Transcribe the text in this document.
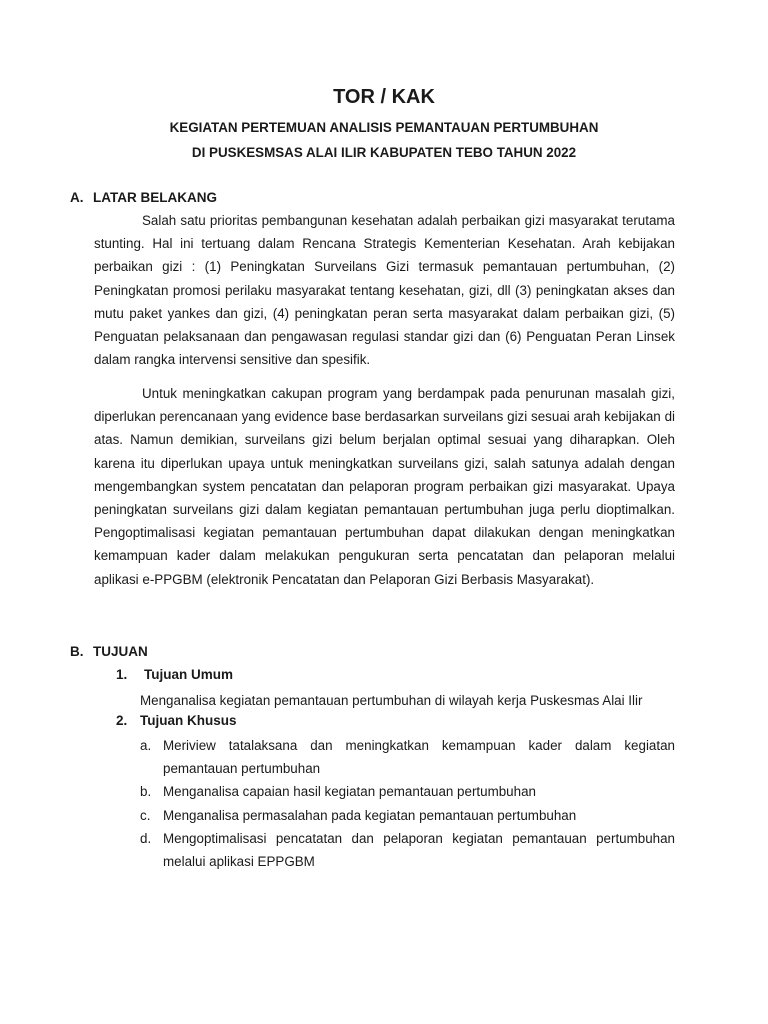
TOR / KAK
KEGIATAN PERTEMUAN ANALISIS PEMANTAUAN PERTUMBUHAN
DI PUSKESMSAS ALAI ILIR KABUPATEN TEBO TAHUN 2022
A. LATAR BELAKANG

Salah satu prioritas pembangunan kesehatan adalah perbaikan gizi masyarakat terutama stunting. Hal ini tertuang dalam Rencana Strategis Kementerian Kesehatan. Arah kebijakan perbaikan gizi : (1) Peningkatan Surveilans Gizi termasuk pemantauan pertumbuhan, (2) Peningkatan promosi perilaku masyarakat tentang kesehatan, gizi, dll (3) peningkatan akses dan mutu paket yankes dan gizi, (4) peningkatan peran serta masyarakat dalam perbaikan gizi, (5) Penguatan pelaksanaan dan pengawasan regulasi standar gizi dan (6) Penguatan Peran Linsek dalam rangka intervensi sensitive dan spesifik.

Untuk meningkatkan cakupan program yang berdampak pada penurunan masalah gizi, diperlukan perencanaan yang evidence base berdasarkan surveilans gizi sesuai arah kebijakan di atas. Namun demikian, surveilans gizi belum berjalan optimal sesuai yang diharapkan. Oleh karena itu diperlukan upaya untuk meningkatkan surveilans gizi, salah satunya adalah dengan mengembangkan system pencatatan dan pelaporan program perbaikan gizi masyarakat. Upaya peningkatan surveilans gizi dalam kegiatan pemantauan pertumbuhan juga perlu dioptimalkan. Pengoptimalisasi kegiatan pemantauan pertumbuhan dapat dilakukan dengan meningkatkan kemampuan kader dalam melakukan pengukuran serta pencatatan dan pelaporan melalui aplikasi e-PPGBM (elektronik Pencatatan dan Pelaporan Gizi Berbasis Masyarakat).

B. TUJUAN
1. Tujuan Umum
Menganalisa kegiatan pemantauan pertumbuhan di wilayah kerja Puskesmas Alai Ilir
2. Tujuan Khusus
a. Meriview tatalaksana dan meningkatkan kemampuan kader dalam kegiatan pemantauan pertumbuhan
b. Menganalisa capaian hasil kegiatan pemantauan pertumbuhan
c. Menganalisa permasalahan pada kegiatan pemantauan pertumbuhan
d. Mengoptimalisasi pencatatan dan pelaporan kegiatan pemantauan pertumbuhan melalui aplikasi EPPGBM
